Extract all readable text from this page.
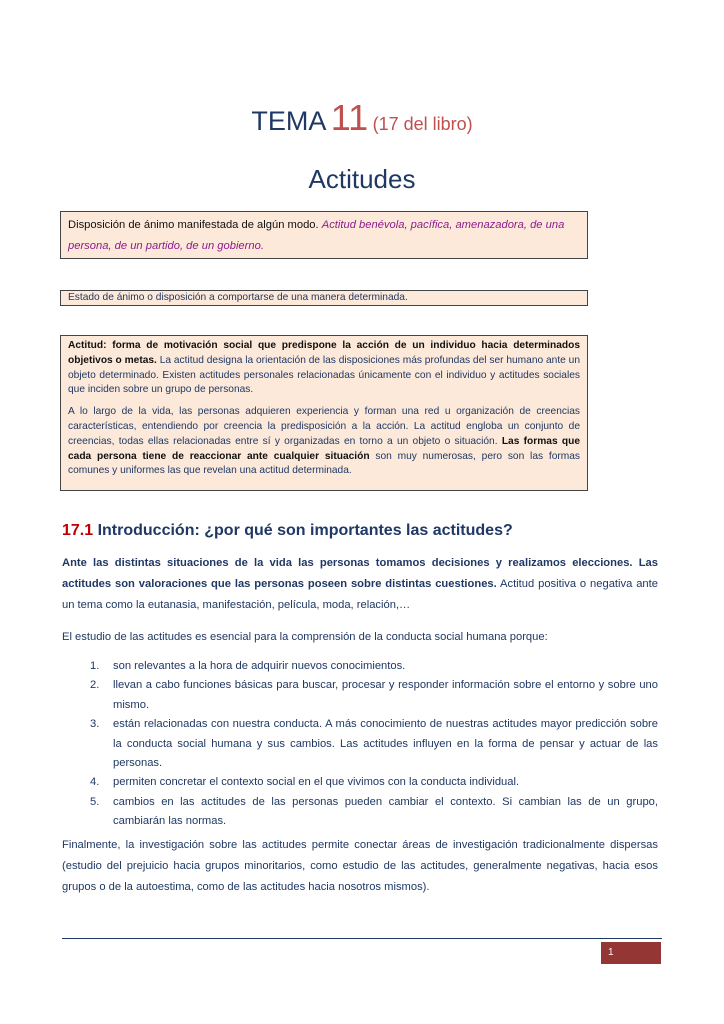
TEMA 11 (17 del libro)
Actitudes
Disposición de ánimo manifestada de algún modo. Actitud benévola, pacífica, amenazadora, de una persona, de un partido, de un gobierno.
Estado de ánimo o disposición a comportarse de una manera determinada.

Actitud: forma de motivación social que predispone la acción de un individuo hacia determinados objetivos o metas. La actitud designa la orientación de las disposiciones más profundas del ser humano ante un objeto determinado. Existen actitudes personales relacionadas únicamente con el individuo y actitudes sociales que inciden sobre un grupo de personas.

A lo largo de la vida, las personas adquieren experiencia y forman una red u organización de creencias características, entendiendo por creencia la predisposición a la acción. La actitud engloba un conjunto de creencias, todas ellas relacionadas entre sí y organizadas en torno a un objeto o situación. Las formas que cada persona tiene de reaccionar ante cualquier situación son muy numerosas, pero son las formas comunes y uniformes las que revelan una actitud determinada.

17.1 Introducción: ¿por qué son importantes las actitudes?
Ante las distintas situaciones de la vida las personas tomamos decisiones y realizamos elecciones. Las actitudes son valoraciones que las personas poseen sobre distintas cuestiones. Actitud positiva o negativa ante un tema como la eutanasia, manifestación, película, moda, relación,…
El estudio de las actitudes es esencial para la comprensión de la conducta social humana porque:
1. son relevantes a la hora de adquirir nuevos conocimientos.
2. llevan a cabo funciones básicas para buscar, procesar y responder información sobre el entorno y sobre uno mismo.
3. están relacionadas con nuestra conducta. A más conocimiento de nuestras actitudes mayor predicción sobre la conducta social humana y sus cambios. Las actitudes influyen en la forma de pensar y actuar de las personas.
4. permiten concretar el contexto social en el que vivimos con la conducta individual.
5. cambios en las actitudes de las personas pueden cambiar el contexto. Si cambian las de un grupo, cambiarán las normas.
Finalmente, la investigación sobre las actitudes permite conectar áreas de investigación tradicionalmente dispersas (estudio del prejuicio hacia grupos minoritarios, como estudio de las actitudes, generalmente negativas, hacia esos grupos o de la autoestima, como de las actitudes hacia nosotros mismos).
1
